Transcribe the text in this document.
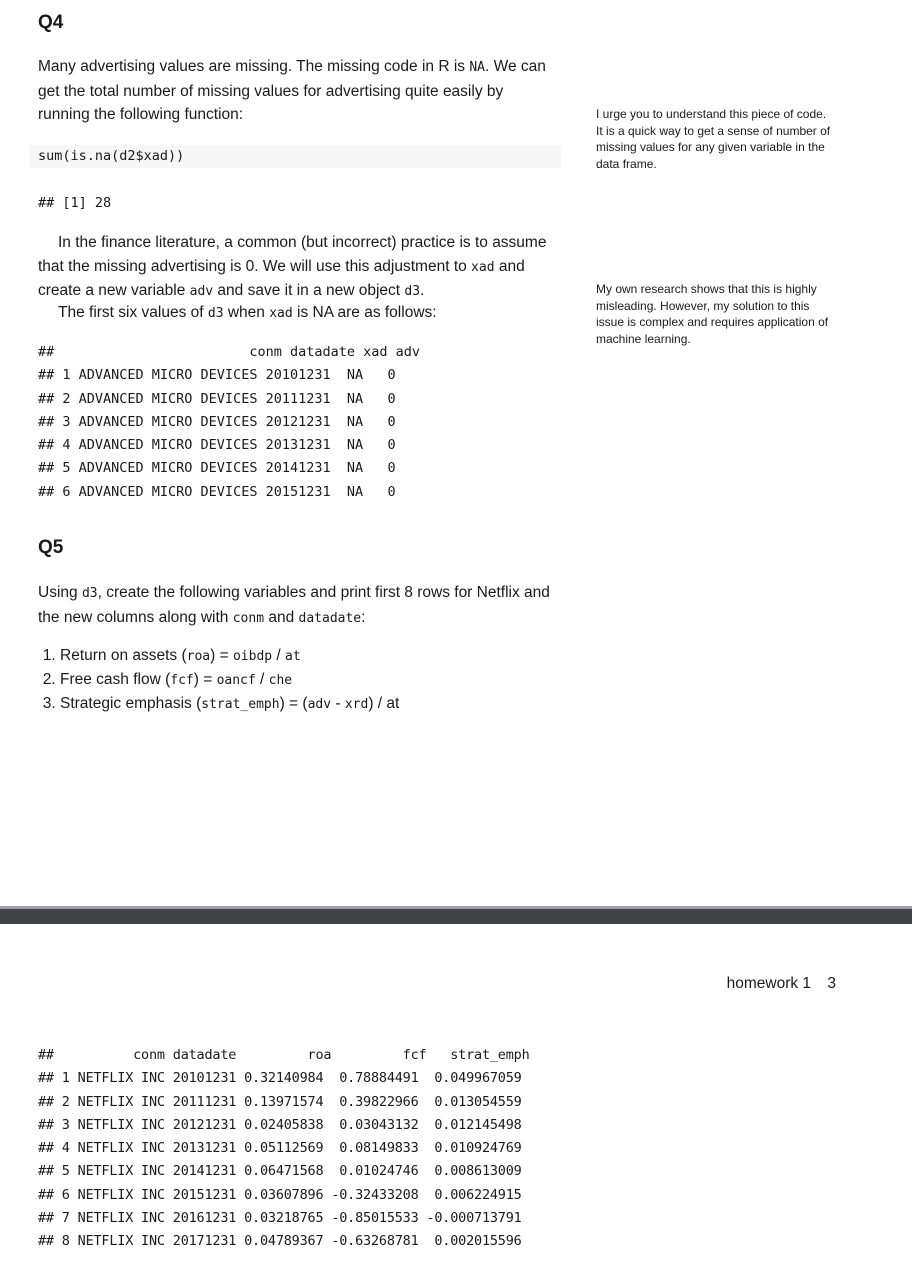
Q4

Many advertising values are missing. The missing code in R is NA. We can get the total number of missing values for advertising quite easily by running the following function:

sum(is.na(d2$xad))
## [1] 28

In the finance literature, a common (but incorrect) practice is to assume that the missing advertising is 0. We will use this adjustment to xad and create a new variable adv and save it in a new object d3.

The first six values of d3 when xad is NA are as follows:

##                        conm datadate xad adv
## 1 ADVANCED MICRO DEVICES 20101231  NA   0
## 2 ADVANCED MICRO DEVICES 20111231  NA   0
## 3 ADVANCED MICRO DEVICES 20121231  NA   0
## 4 ADVANCED MICRO DEVICES 20131231  NA   0
## 5 ADVANCED MICRO DEVICES 20141231  NA   0
## 6 ADVANCED MICRO DEVICES 20151231  NA   0

I urge you to understand this piece of code. It is a quick way to get a sense of number of missing values for any given variable in the data frame.

My own research shows that this is highly misleading. However, my solution to this issue is complex and requires application of machine learning.

Q5

Using d3, create the following variables and print first 8 rows for Netflix and the new columns along with conm and datadate:

1. Return on assets (roa) = oibdp / at
2. Free cash flow (fcf) = oancf / che
3. Strategic emphasis (strat_emph) = (adv - xrd) / at
homework 1 3
##          conm datadate         roa         fcf   strat_emph
## 1 NETFLIX INC 20101231 0.32140984  0.78884491  0.049967059
## 2 NETFLIX INC 20111231 0.13971574  0.39822966  0.013054559
## 3 NETFLIX INC 20121231 0.02405838  0.03043132  0.012145498
## 4 NETFLIX INC 20131231 0.05112569  0.08149833  0.010924769
## 5 NETFLIX INC 20141231 0.06471568  0.01024746  0.008613009
## 6 NETFLIX INC 20151231 0.03607896 -0.32433208  0.006224915
## 7 NETFLIX INC 20161231 0.03218765 -0.85015533 -0.000713791
## 8 NETFLIX INC 20171231 0.04789367 -0.63268781  0.002015596
